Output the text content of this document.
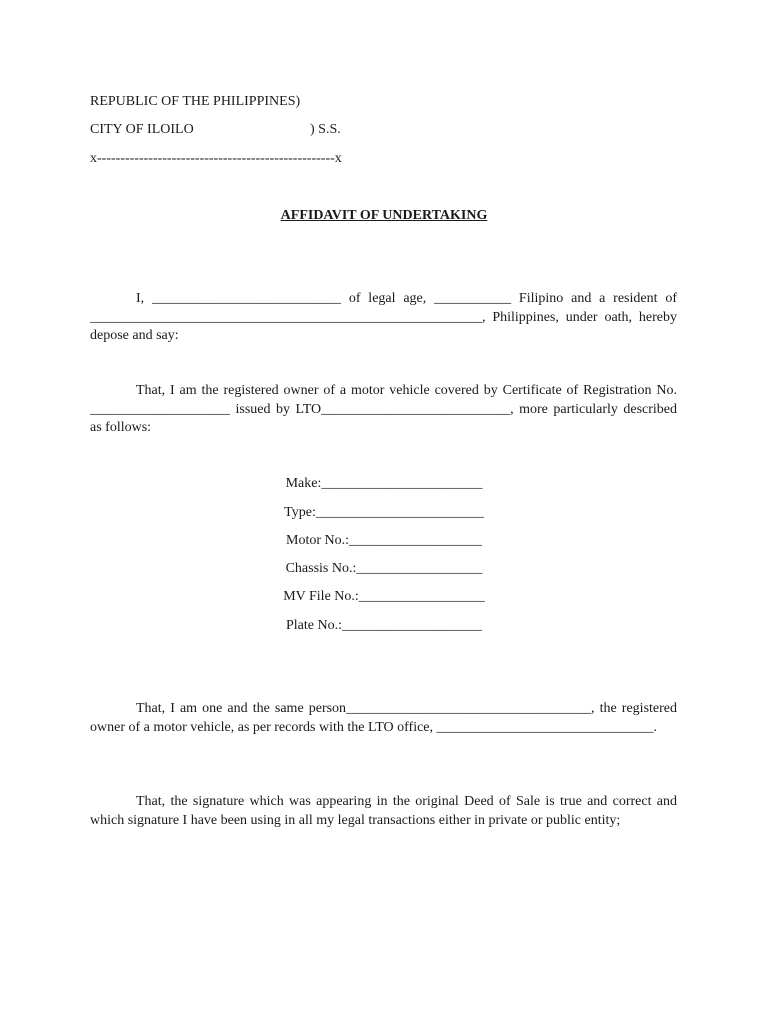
REPUBLIC OF THE PHILIPPINES)
CITY OF ILOILO	) S.S.
x---------------------------------------------------x
AFFIDAVIT OF UNDERTAKING
I, ___________________________ of legal age, ___________ Filipino and a resident of ________________________________________________________, Philippines, under oath, hereby depose and say:
That, I am the registered owner of a motor vehicle covered by Certificate of Registration No. ____________________ issued by LTO___________________________, more particularly described as follows:
Make:_______________________
Type:________________________
Motor No.:___________________
Chassis No.:__________________
MV File No.:__________________
Plate No.:____________________
That, I am one and the same person___________________________________, the registered owner of a motor vehicle, as per records with the LTO office, _______________________________.
That, the signature which was appearing in the original Deed of Sale is true and correct and which signature I have been using in all my legal transactions either in private or public entity;
